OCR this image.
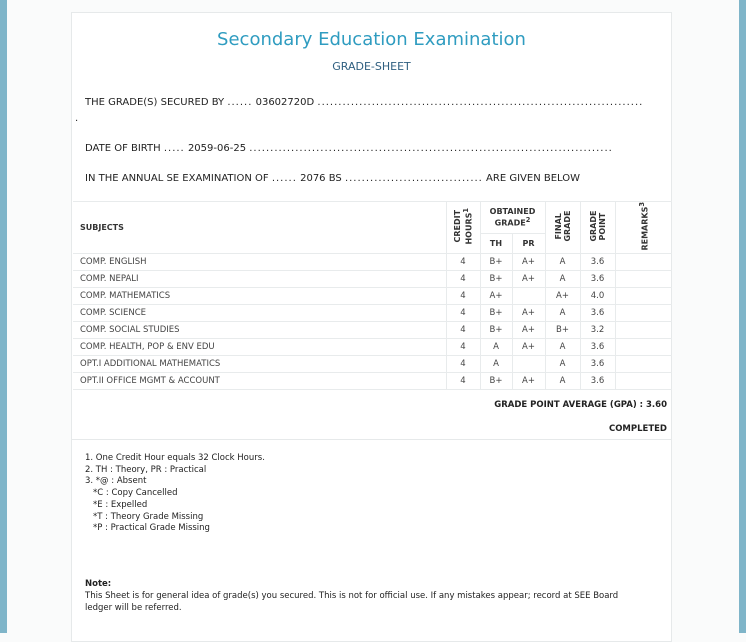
Secondary Education Examination
GRADE-SHEET
THE GRADE(S) SECURED BY ...... 03602720D ..............................................................................
.
DATE OF BIRTH ..... 2059-06-25 .......................................................................................
IN THE ANNUAL SE EXAMINATION OF ...... 2076 BS ................................. ARE GIVEN BELOW
SUBJECTS	CREDIT HOURS$^1$	OBTAINED GRADE$^2$		FINAL GRADE	GRADE POINT	REMARKS$^3$
		TH	PR			
COMP. ENGLISH	4	B+	A+	A	3.6	
COMP. NEPALI	4	B+	A+	A	3.6	
COMP. MATHEMATICS	4	A+		A+	4.0	
COMP. SCIENCE	4	B+	A+	A	3.6	
COMP. SOCIAL STUDIES	4	B+	A+	B+	3.2	
COMP. HEALTH, POP & ENV EDU	4	A	A+	A	3.6	
OPT.I ADDITIONAL MATHEMATICS	4	A		A	3.6	
OPT.II OFFICE MGMT & ACCOUNT	4	B+	A+	A	3.6	
GRADE POINT AVERAGE (GPA) : 3.60
COMPLETED
1. One Credit Hour equals 32 Clock Hours.
2. TH : Theory, PR : Practical
3. *@ : Absent
*C : Copy Cancelled
*E : Expelled
*T : Theory Grade Missing
*P : Practical Grade Missing
Note:
This Sheet is for general idea of grade(s) you secured. This is not for official use. If any mistakes appear; record at SEE Board ledger will be referred.
